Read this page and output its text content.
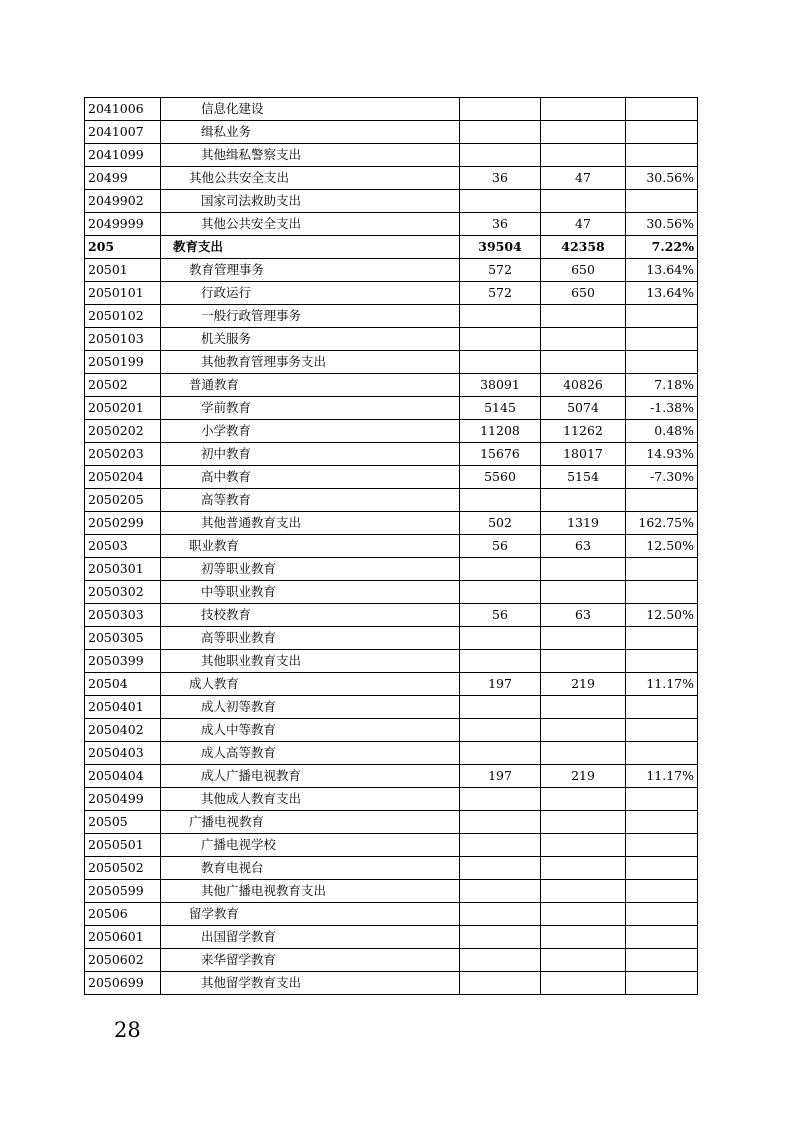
2041006	信息化建设			
2041007	缉私业务			
2041099	其他缉私警察支出			
20499	其他公共安全支出	36	47	30.56%
2049902	国家司法救助支出			
2049999	其他公共安全支出	36	47	30.56%
205	教育支出	39504	42358	7.22%
20501	教育管理事务	572	650	13.64%
2050101	行政运行	572	650	13.64%
2050102	一般行政管理事务			
2050103	机关服务			
2050199	其他教育管理事务支出			
20502	普通教育	38091	40826	7.18%
2050201	学前教育	5145	5074	-1.38%
2050202	小学教育	11208	11262	0.48%
2050203	初中教育	15676	18017	14.93%
2050204	高中教育	5560	5154	-7.30%
2050205	高等教育			
2050299	其他普通教育支出	502	1319	162.75%
20503	职业教育	56	63	12.50%
2050301	初等职业教育			
2050302	中等职业教育			
2050303	技校教育	56	63	12.50%
2050305	高等职业教育			
2050399	其他职业教育支出			
20504	成人教育	197	219	11.17%
2050401	成人初等教育			
2050402	成人中等教育			
2050403	成人高等教育			
2050404	成人广播电视教育	197	219	11.17%
2050499	其他成人教育支出			
20505	广播电视教育			
2050501	广播电视学校			
2050502	教育电视台			
2050599	其他广播电视教育支出			
20506	留学教育			
2050601	出国留学教育			
2050602	来华留学教育			
2050699	其他留学教育支出			
28
